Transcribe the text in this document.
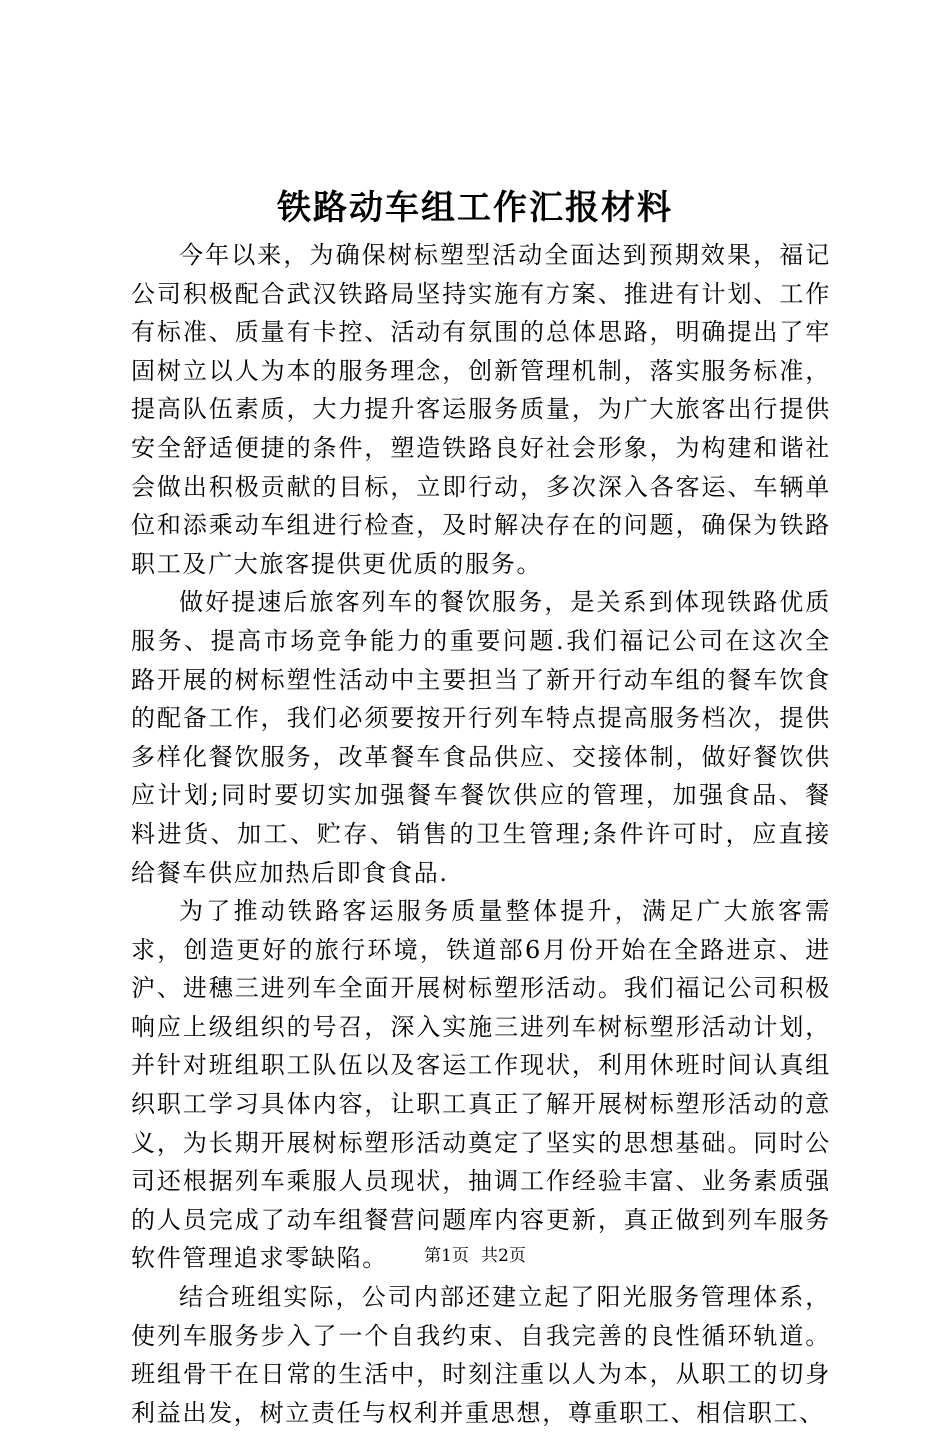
铁路动车组工作汇报材料

今年以来，为确保树标塑型活动全面达到预期效果，福记公司积极配合武汉铁路局坚持实施有方案、推进有计划、工作有标准、质量有卡控、活动有氛围的总体思路，明确提出了牢固树立以人为本的服务理念，创新管理机制，落实服务标准，提高队伍素质，大力提升客运服务质量，为广大旅客出行提供安全舒适便捷的条件，塑造铁路良好社会形象，为构建和谐社会做出积极贡献的目标，立即行动，多次深入各客运、车辆单位和添乘动车组进行检查，及时解决存在的问题，确保为铁路职工及广大旅客提供更优质的服务。

做好提速后旅客列车的餐饮服务，是关系到体现铁路优质服务、提高市场竞争能力的重要问题.我们福记公司在这次全路开展的树标塑性活动中主要担当了新开行动车组的餐车饮食的配备工作，我们必须要按开行列车特点提高服务档次，提供多样化餐饮服务，改革餐车食品供应、交接体制，做好餐饮供应计划;同时要切实加强餐车餐饮供应的管理，加强食品、餐料进货、加工、贮存、销售的卫生管理;条件许可时，应直接给餐车供应加热后即食食品.

为了推动铁路客运服务质量整体提升，满足广大旅客需求，创造更好的旅行环境，铁道部6月份开始在全路进京、进沪、进穗三进列车全面开展树标塑形活动。我们福记公司积极响应上级组织的号召，深入实施三进列车树标塑形活动计划，并针对班组职工队伍以及客运工作现状，利用休班时间认真组织职工学习具体内容，让职工真正了解开展树标塑形活动的意义，为长期开展树标塑形活动奠定了坚实的思想基础。同时公司还根据列车乘服人员现状，抽调工作经验丰富、业务素质强的人员完成了动车组餐营问题库内容更新，真正做到列车服务软件管理追求零缺陷。

结合班组实际，公司内部还建立起了阳光服务管理体系，使列车服务步入了一个自我约束、自我完善的良性循环轨道。班组骨干在日常的生活中，时刻注重以人为本，从职工的切身利益出发，树立责任与权利并重思想，尊重职工、相信职工、

第1页 共2页
